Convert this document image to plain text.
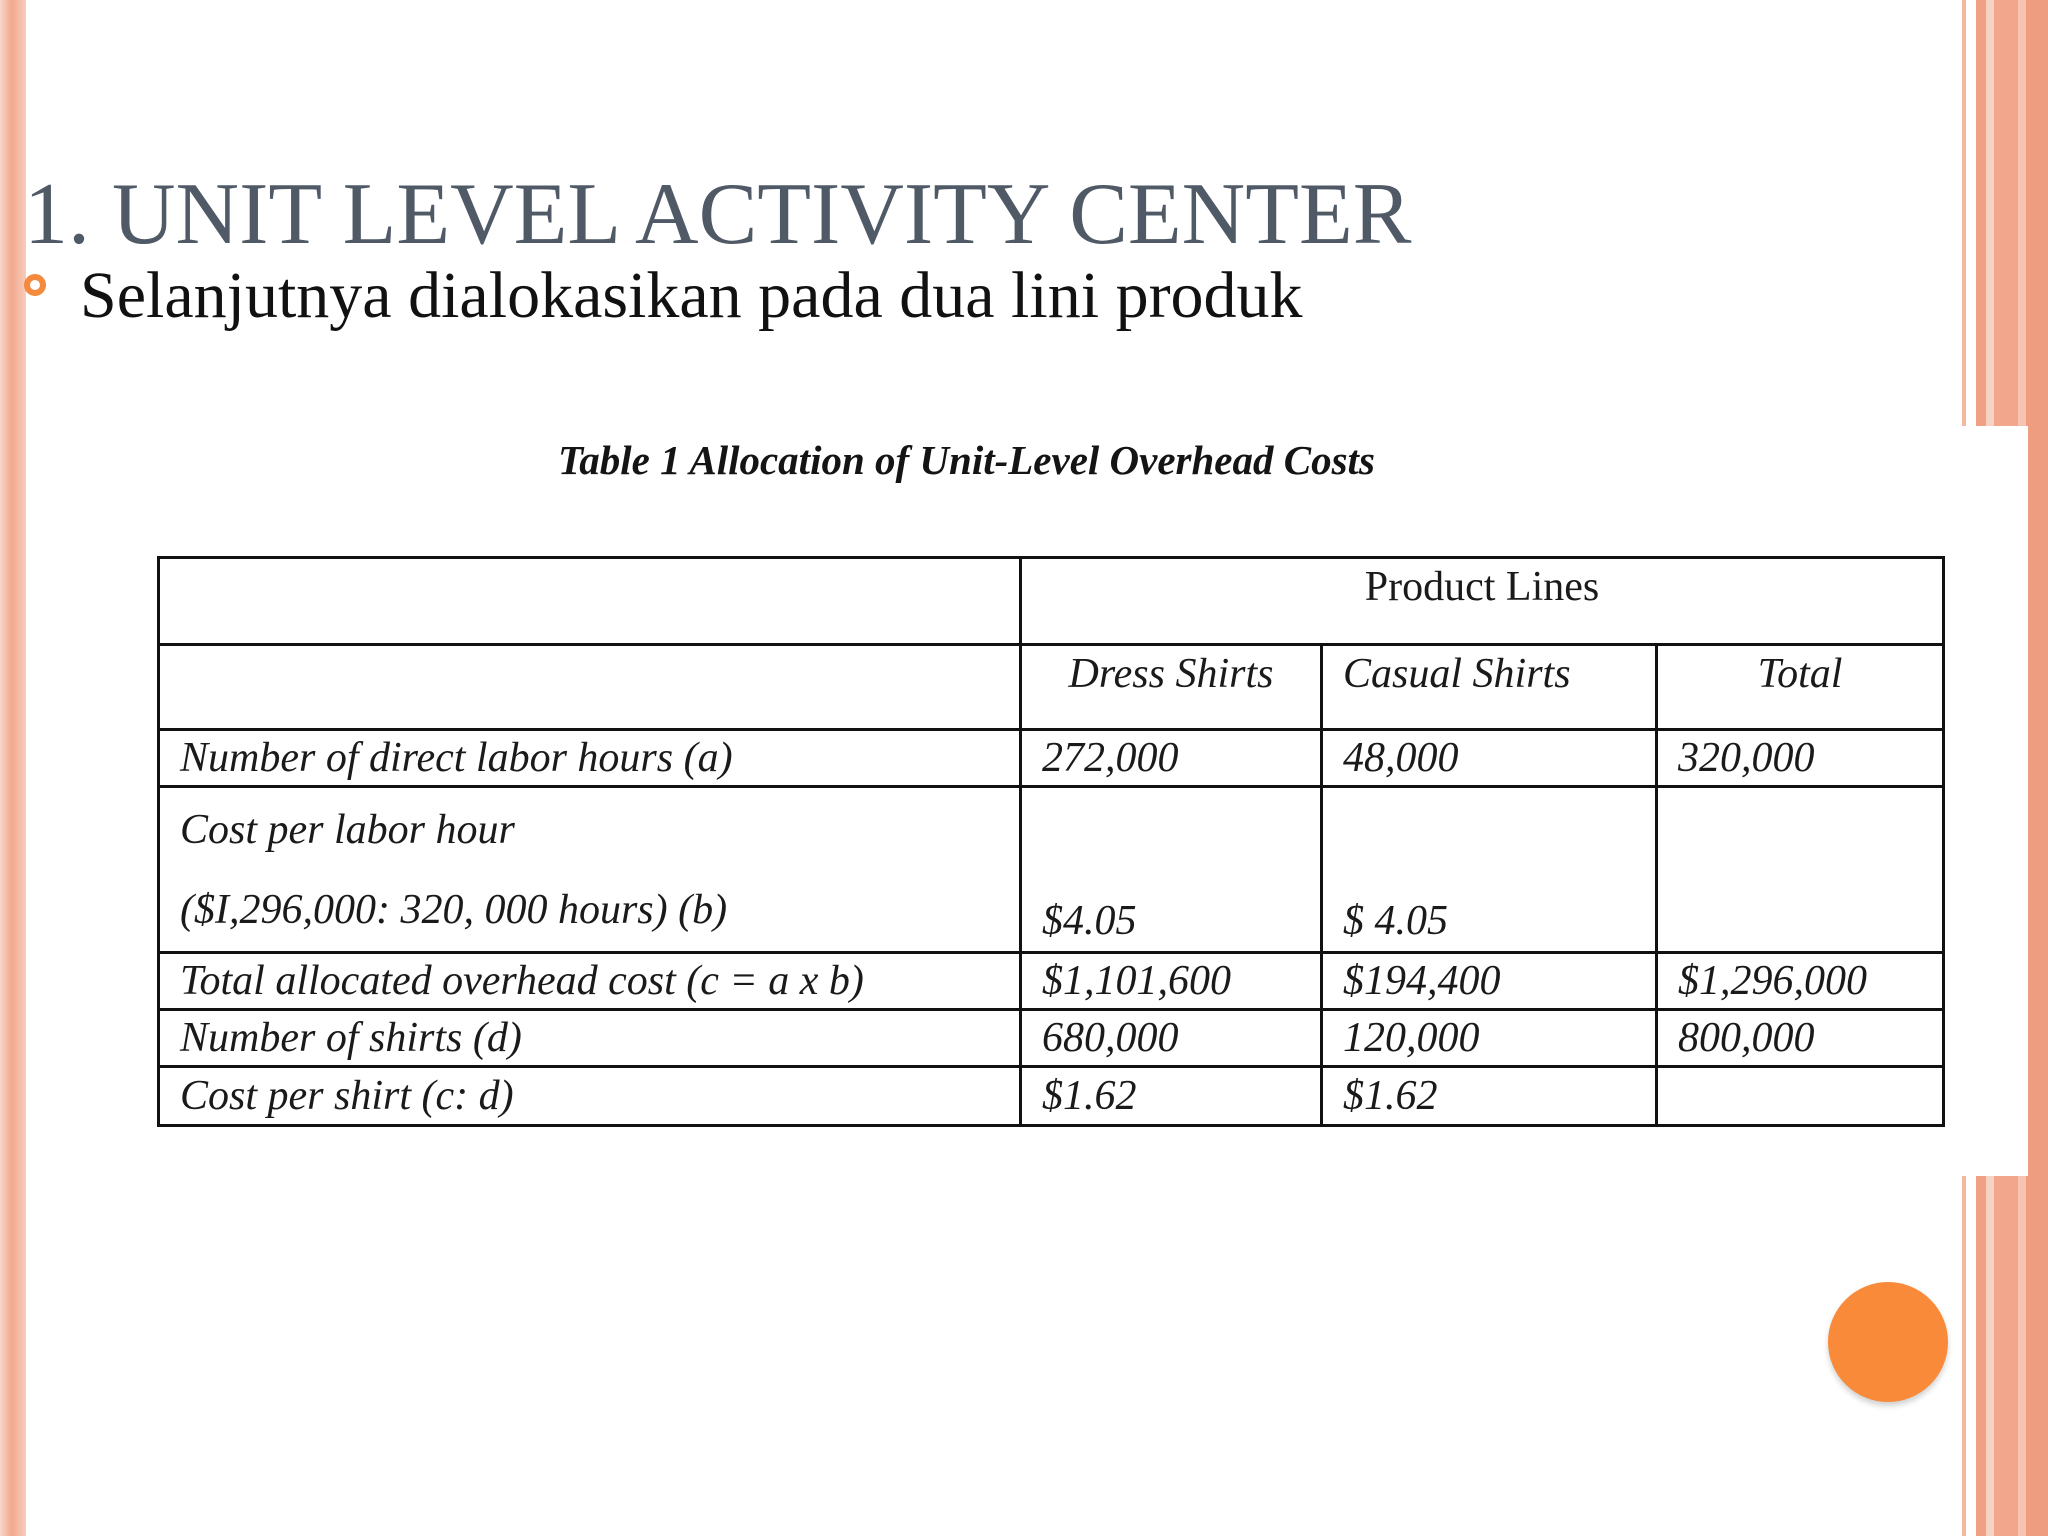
1. UNIT LEVEL ACTIVITY CENTER
Selanjutnya dialokasikan pada dua lini produk

Table 1 Allocation of Unit-Level Overhead Costs

	Product Lines		
	Dress Shirts	Casual Shirts	Total
Number of direct labor hours (a)	272,000	48,000	320,000

Cost per labor hour
($I,296,000: 320, 000 hours) (b)	$4.05	$ 4.05	
Total allocated overhead cost (c = a x b)	$1,101,600	$194,400	$1,296,000
Number of shirts (d)	680,000	120,000	800,000
Cost per shirt (c: d)	$1.62	$1.62	
